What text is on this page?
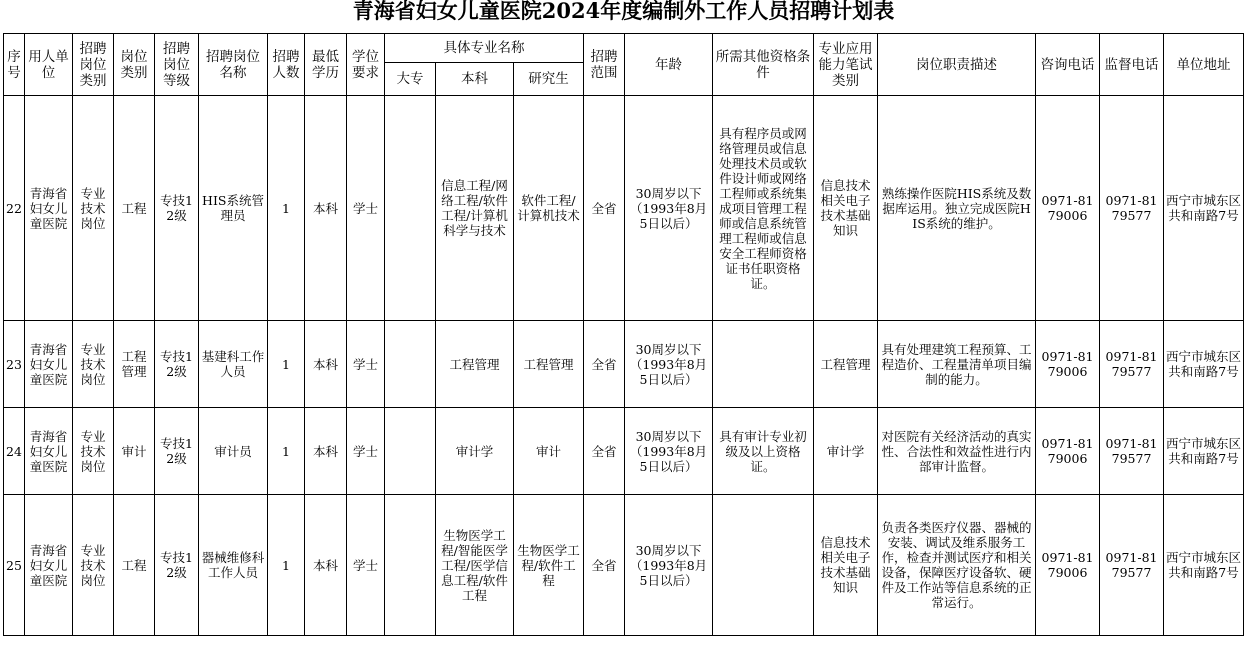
青海省妇女儿童医院2024年度编制外工作人员招聘计划表
序号	用人单位	招聘岗位类别	岗位类别	招聘岗位等级	招聘岗位名称	招聘人数	最低学历	学位要求	具体专业名称			招聘范围	年龄	所需其他资格条件	专业应用能力笔试类别	岗位职责描述	咨询电话	监督电话	单位地址
									大专	本科	研究生								
22	青海省妇女儿童医院	专业技术岗位	工程	专技12级	HIS系统管理员	1	本科	学士		信息工程/网络工程/软件工程/计算机科学与技术	软件工程/计算机技术	全省	30周岁以下（1993年8月5日以后）	具有程序员或网络管理员或信息处理技术员或软件设计师或网络工程师或系统集成项目管理工程师或信息系统管理工程师或信息安全工程师资格证书任职资格证。	信息技术相关电子技术基础知识	熟练操作医院HIS系统及数据库运用。独立完成医院HIS系统的维护。	0971-8179006	0971-8179577	西宁市城东区共和南路7号
23	青海省妇女儿童医院	专业技术岗位	工程管理	专技12级	基建科工作人员	1	本科	学士		工程管理	工程管理	全省	30周岁以下（1993年8月5日以后）		工程管理	具有处理建筑工程预算、工程造价、工程量清单项目编制的能力。	0971-8179006	0971-8179577	西宁市城东区共和南路7号
24	青海省妇女儿童医院	专业技术岗位	审计	专技12级	审计员	1	本科	学士		审计学	审计	全省	30周岁以下（1993年8月5日以后）	具有审计专业初级及以上资格证。	审计学	对医院有关经济活动的真实性、合法性和效益性进行内部审计监督。	0971-8179006	0971-8179577	西宁市城东区共和南路7号
25	青海省妇女儿童医院	专业技术岗位	工程	专技12级	器械维修科工作人员	1	本科	学士		生物医学工程/智能医学工程/医学信息工程/软件工程	生物医学工程/软件工程	全省	30周岁以下（1993年8月5日以后）		信息技术相关电子技术基础知识	负责各类医疗仪器、器械的安装、调试及维系服务工作，检查并测试医疗和相关设备，保障医疗设备软、硬件及工作站等信息系统的正常运行。	0971-8179006	0971-8179577	西宁市城东区共和南路7号
